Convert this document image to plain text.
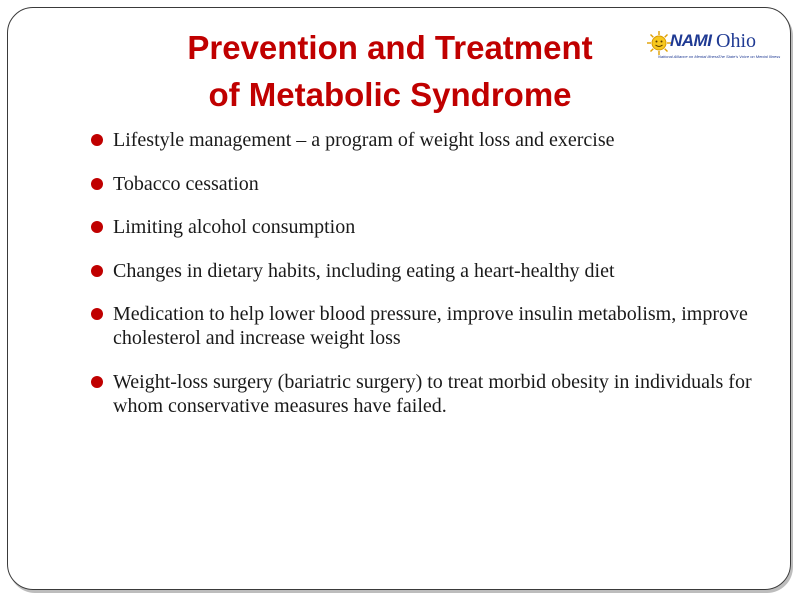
Prevention and Treatment
of Metabolic Syndrome
NAMI Ohio
National Alliance on Mental Illness The State's Voice on Mental Illness
Lifestyle management – a program of weight loss and exercise
Tobacco cessation
Limiting alcohol consumption
Changes in dietary habits, including eating a heart-healthy diet
Medication to help lower blood pressure, improve insulin metabolism, improve cholesterol and increase weight loss
Weight-loss surgery (bariatric surgery) to treat morbid obesity in individuals for whom conservative measures have failed.
